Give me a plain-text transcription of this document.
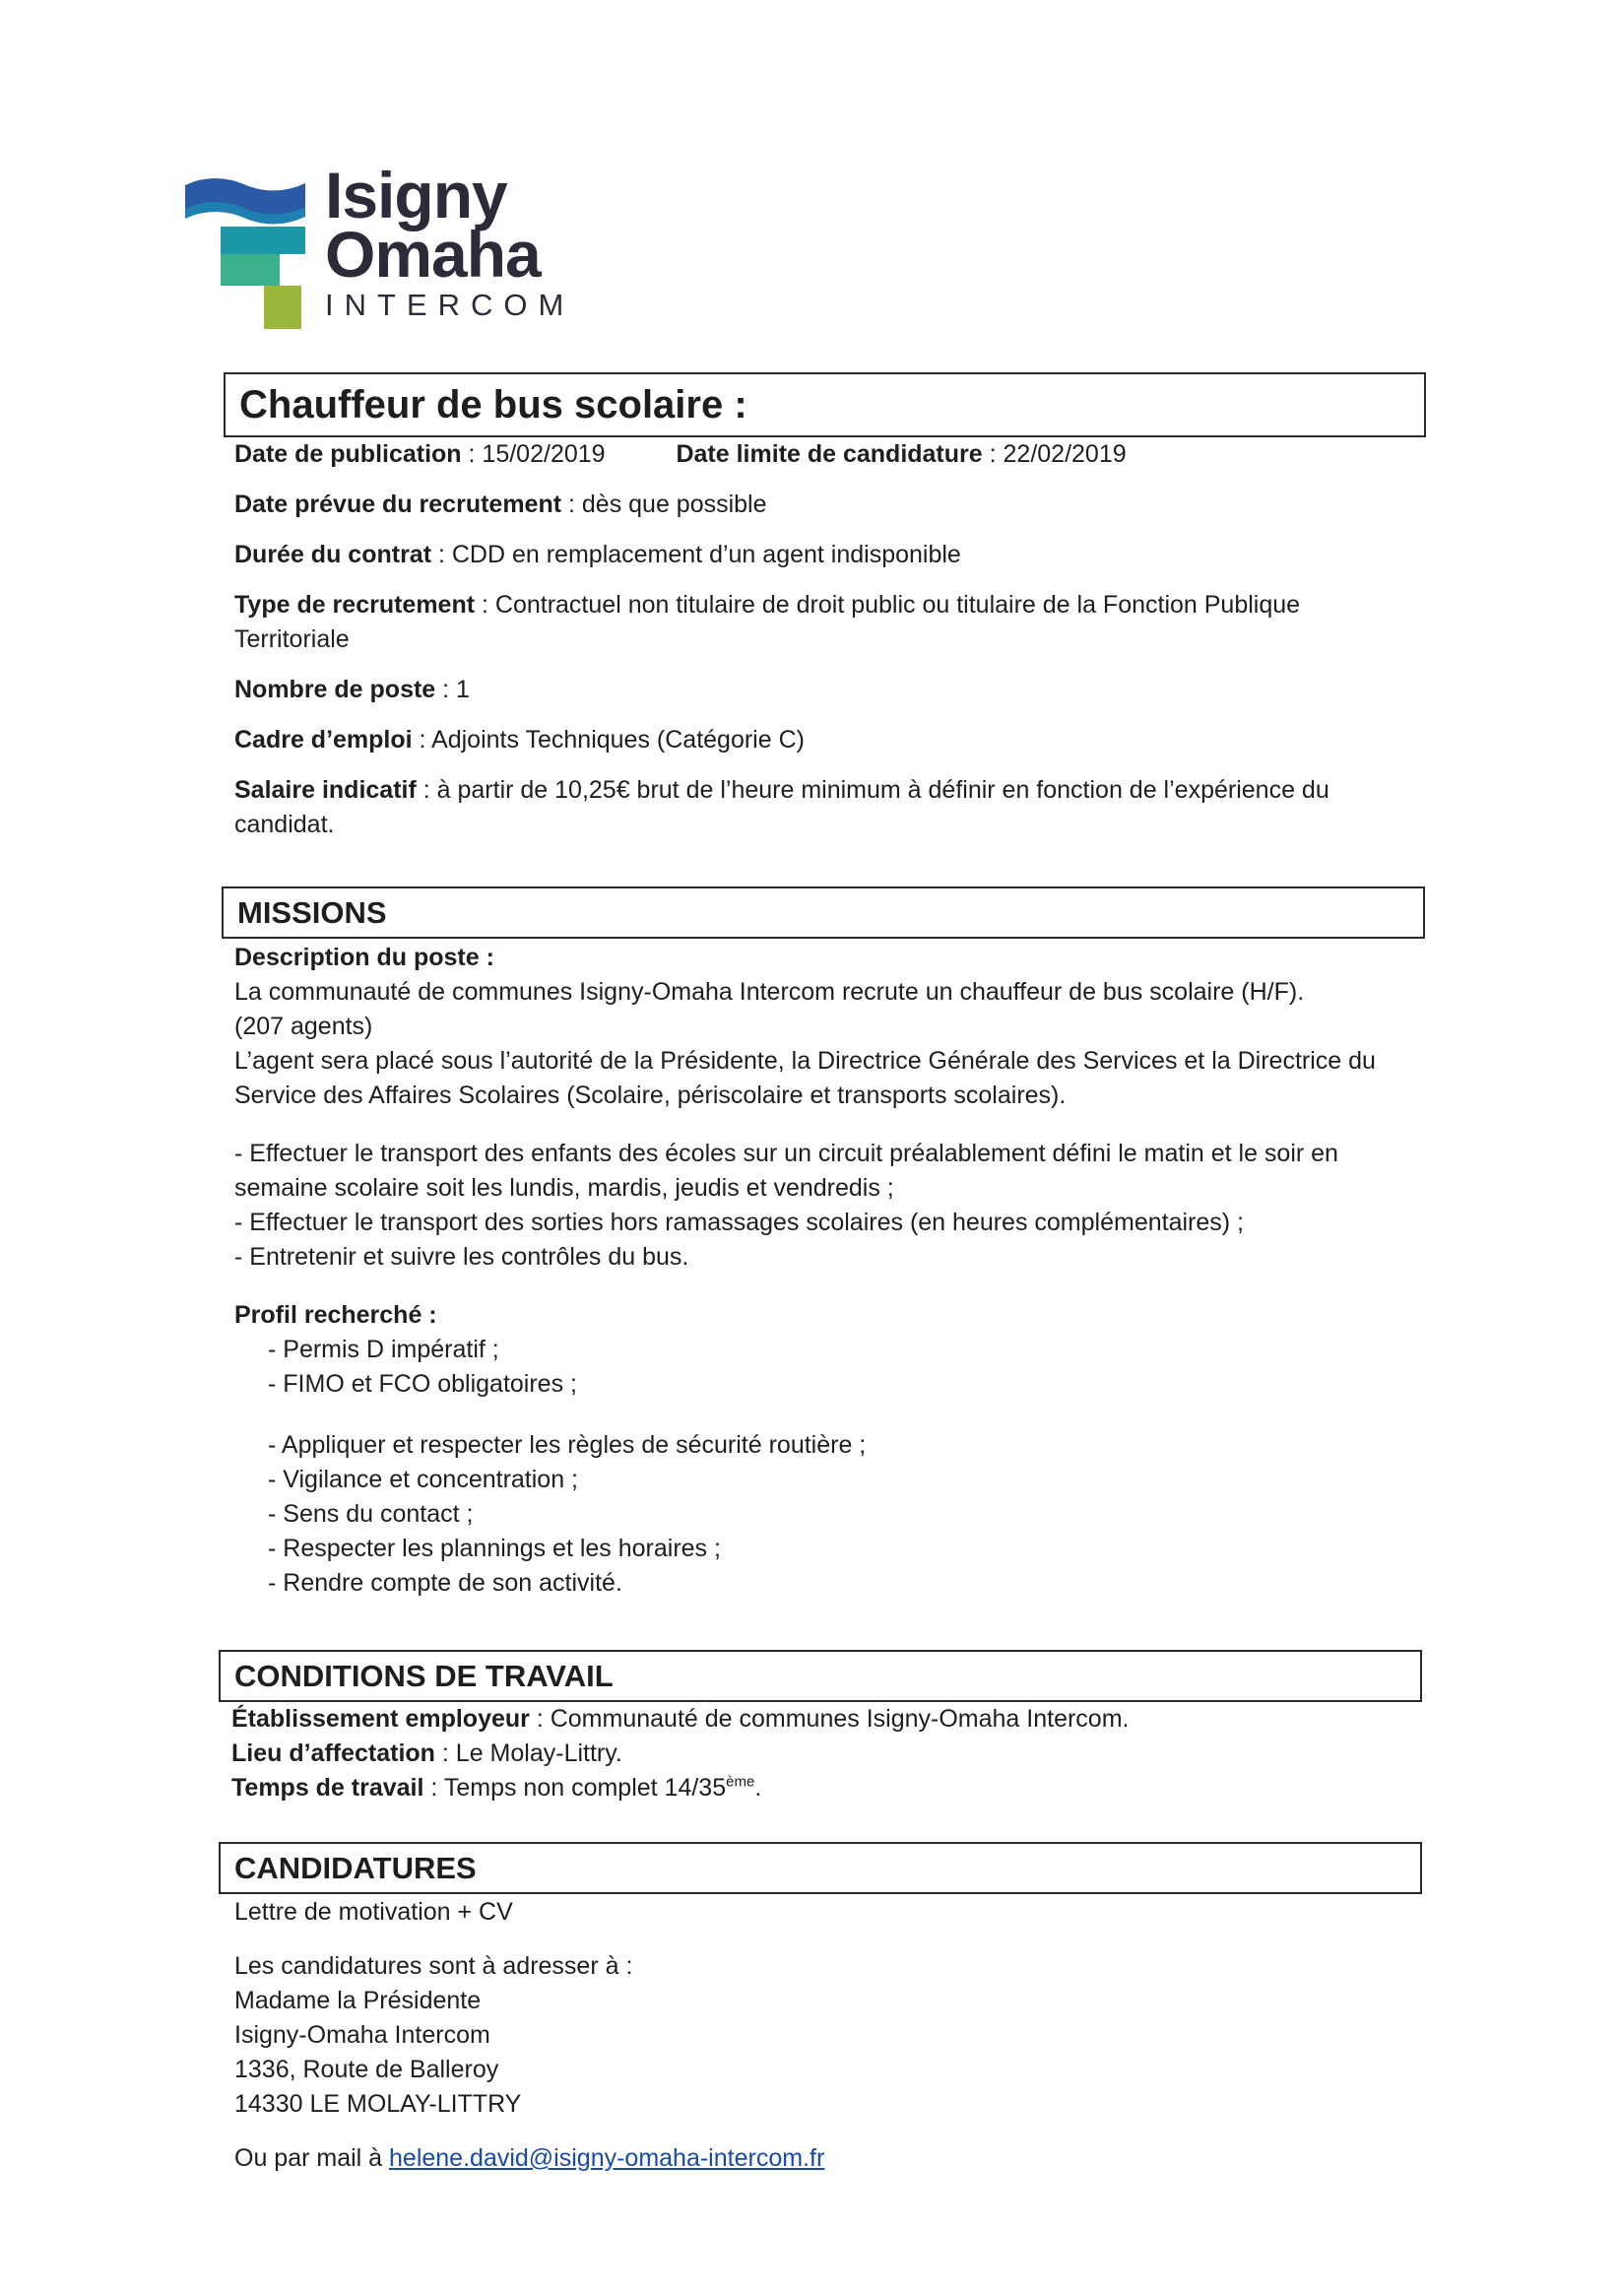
Isigny
Omaha
INTERCOM
Chauffeur de bus scolaire :

Date de publication : 15/02/2019	Date limite de candidature : 22/02/2019

Date prévue du recrutement : dès que possible

Durée du contrat : CDD en remplacement d’un agent indisponible

Type de recrutement : Contractuel non titulaire de droit public ou titulaire de la Fonction Publique Territoriale

Nombre de poste : 1

Cadre d’emploi : Adjoints Techniques (Catégorie C)

Salaire indicatif : à partir de 10,25€ brut de l’heure minimum à définir en fonction de l’expérience du candidat.

MISSIONS

Description du poste :

La communauté de communes Isigny-Omaha Intercom recrute un chauffeur de bus scolaire (H/F).

(207 agents)

L’agent sera placé sous l’autorité de la Présidente, la Directrice Générale des Services et la Directrice du Service des Affaires Scolaires (Scolaire, périscolaire et transports scolaires).

- Effectuer le transport des enfants des écoles sur un circuit préalablement défini le matin et le soir en semaine scolaire soit les lundis, mardis, jeudis et vendredis ;

- Effectuer le transport des sorties hors ramassages scolaires (en heures complémentaires) ;

- Entretenir et suivre les contrôles du bus.

Profil recherché :

- Permis D impératif ;

- FIMO et FCO obligatoires ;

- Appliquer et respecter les règles de sécurité routière ;

- Vigilance et concentration ;

- Sens du contact ;

- Respecter les plannings et les horaires ;

- Rendre compte de son activité.

CONDITIONS DE TRAVAIL

Établissement employeur : Communauté de communes Isigny-Omaha Intercom.

Lieu d’affectation : Le Molay-Littry.

Temps de travail : Temps non complet 14/35ème.

CANDIDATURES

Lettre de motivation + CV

Les candidatures sont à adresser à :

Madame la Présidente

Isigny-Omaha Intercom

1336, Route de Balleroy

14330 LE MOLAY-LITTRY

Ou par mail à helene.david@isigny-omaha-intercom.fr
